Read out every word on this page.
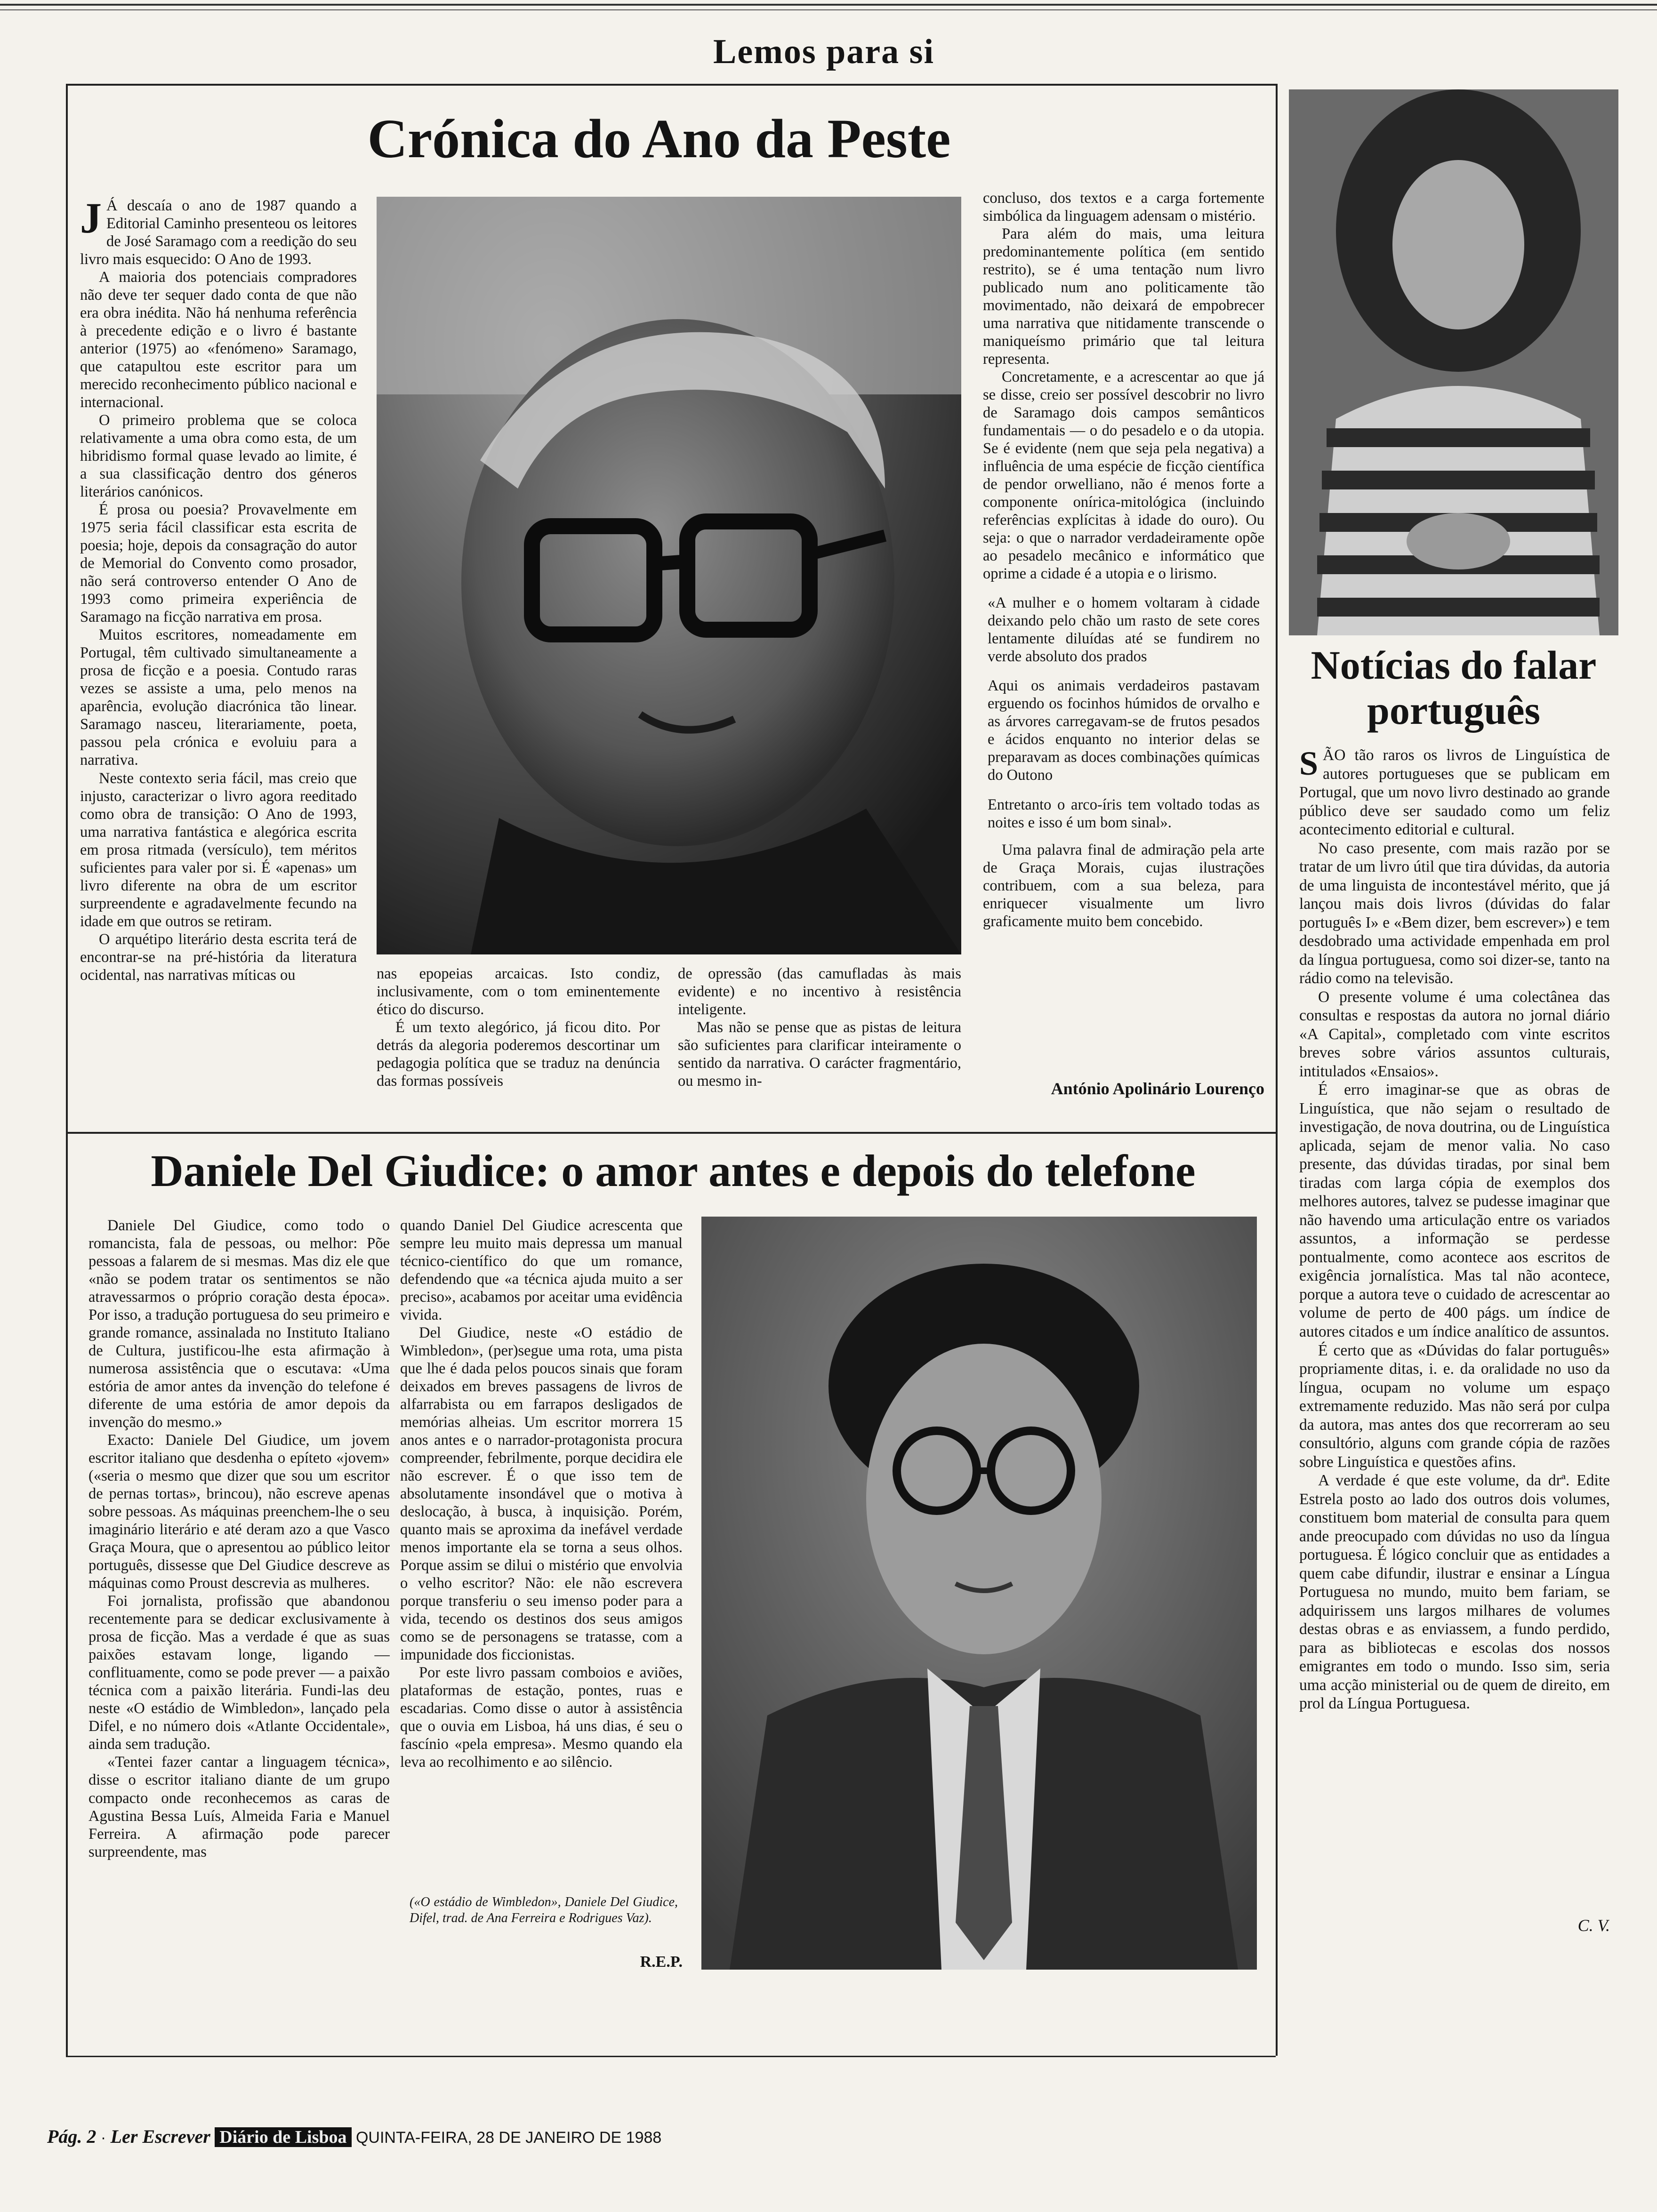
Lemos para si
Crónica do Ano da Peste

J Á descaía o ano de 1987 quando a Editorial Caminho presenteou os leitores de José Saramago com a reedição do seu livro mais esquecido: O Ano de 1993.

A maioria dos potenciais compradores não deve ter sequer dado conta de que não era obra inédita. Não há nenhuma referência à precedente edição e o livro é bastante anterior (1975) ao «fenómeno» Saramago, que catapultou este escritor para um merecido reconhecimento público nacional e internacional.

O primeiro problema que se coloca relativamente a uma obra como esta, de um hibridismo formal quase levado ao limite, é a sua classificação dentro dos géneros literários canónicos.

É prosa ou poesia? Provavelmente em 1975 seria fácil classificar esta escrita de poesia; hoje, depois da consagração do autor de Memorial do Convento como prosador, não será controverso entender O Ano de 1993 como primeira experiência de Saramago na ficção narrativa em prosa.

Muitos escritores, nomeadamente em Portugal, têm cultivado simultaneamente a prosa de ficção e a poesia. Contudo raras vezes se assiste a uma, pelo menos na aparência, evolução diacrónica tão linear. Saramago nasceu, literariamente, poeta, passou pela crónica e evoluiu para a narrativa.

Neste contexto seria fácil, mas creio que injusto, caracterizar o livro agora reeditado como obra de transição: O Ano de 1993, uma narrativa fantástica e alegórica escrita em prosa ritmada (versículo), tem méritos suficientes para valer por si. É «apenas» um livro diferente na obra de um escritor surpreendente e agradavelmente fecundo na idade em que outros se retiram.

O arquétipo literário desta escrita terá de encontrar-se na pré-história da literatura ocidental, nas narrativas míticas ou	nas epopeias arcaicas. Isto condiz, inclusivamente, com o tom eminentemente ético do discurso.

É um texto alegórico, já ficou dito. Por detrás da alegoria poderemos descortinar um pedagogia política que se traduz na denúncia das formas possíveis

de opressão (das camufladas às mais evidente) e no incentivo à resistência inteligente.

Mas não se pense que as pistas de leitura são suficientes para clarificar inteiramente o sentido da narrativa. O carácter fragmentário, ou mesmo in-

concluso, dos textos e a carga fortemente simbólica da linguagem adensam o mistério.

Para além do mais, uma leitura predominantemente política (em sentido restrito), se é uma tentação num livro publicado num ano politicamente tão movimentado, não deixará de empobrecer uma narrativa que nitidamente transcende o maniqueísmo primário que tal leitura representa.

Concretamente, e a acrescentar ao que já se disse, creio ser possível descobrir no livro de Saramago dois campos semânticos fundamentais — o do pesadelo e o da utopia. Se é evidente (nem que seja pela negativa) a influência de uma espécie de ficção científica de pendor orwelliano, não é menos forte a componente onírica-mitológica (incluindo referências explícitas à idade do ouro). Ou seja: o que o narrador verdadeiramente opõe ao pesadelo mecânico e informático que oprime a cidade é a utopia e o lirismo.

«A mulher e o homem voltaram à cidade deixando pelo chão um rasto de sete cores lentamente diluídas até se fundirem no verde absoluto dos prados

Aqui os animais verdadeiros pastavam erguendo os focinhos húmidos de orvalho e as árvores carregavam-se de frutos pesados e ácidos enquanto no interior delas se preparavam as doces combinações químicas do Outono

Entretanto o arco-íris tem voltado todas as noites e isso é um bom sinal».

Uma palavra final de admiração pela arte de Graça Morais, cujas ilustrações contribuem, com a sua beleza, para enriquecer visualmente um livro graficamente muito bem concebido.

António Apolinário Lourenço
Notícias do falar português

SÃO tão raros os livros de Linguística de autores portugueses que se publicam em Portugal, que um novo livro destinado ao grande público deve ser saudado como um feliz acontecimento editorial e cultural.

No caso presente, com mais razão por se tratar de um livro útil que tira dúvidas, da autoria de uma linguista de incontestável mérito, que já lançou mais dois livros (dúvidas do falar português I» e «Bem dizer, bem escrever») e tem desdobrado uma actividade empenhada em prol da língua portuguesa, como soi dizer-se, tanto na rádio como na televisão.

O presente volume é uma colectânea das consultas e respostas da autora no jornal diário «A Capital», completado com vinte escritos breves sobre vários assuntos culturais, intitulados «Ensaios».

É erro imaginar-se que as obras de Linguística, que não sejam o resultado de investigação, de nova doutrina, ou de Linguística aplicada, sejam de menor valia. No caso presente, das dúvidas tiradas, por sinal bem tiradas com larga cópia de exemplos dos melhores autores, talvez se pudesse imaginar que não havendo uma articulação entre os variados assuntos, a informação se perdesse pontualmente, como acontece aos escritos de exigência jornalística. Mas tal não acontece, porque a autora teve o cuidado de acrescentar ao volume de perto de 400 págs. um índice de autores citados e um índice analítico de assuntos.

É certo que as «Dúvidas do falar português» propriamente ditas, i. e. da oralidade no uso da língua, ocupam no volume um espaço extremamente reduzido. Mas não será por culpa da autora, mas antes dos que recorreram ao seu consultório, alguns com grande cópia de razões sobre Linguística e questões afins.

A verdade é que este volume, da drª. Edite Estrela posto ao lado dos outros dois volumes, constituem bom material de consulta para quem ande preocupado com dúvidas no uso da língua portuguesa. É lógico concluir que as entidades a quem cabe difundir, ilustrar e ensinar a Língua Portuguesa no mundo, muito bem fariam, se adquirissem uns largos milhares de volumes destas obras e as enviassem, a fundo perdido, para as bibliotecas e escolas dos nossos emigrantes em todo o mundo. Isso sim, seria uma acção ministerial ou de quem de direito, em prol da Língua Portuguesa.

C. V.
Daniele Del Giudice: o amor antes e depois do telefone

Daniele Del Giudice, como todo o romancista, fala de pessoas, ou melhor: Põe pessoas a falarem de si mesmas. Mas diz ele que «não se podem tratar os sentimentos se não atravessarmos o próprio coração desta época». Por isso, a tradução portuguesa do seu primeiro e grande romance, assinalada no Instituto Italiano de Cultura, justificou-lhe esta afirmação à numerosa assistência que o escutava: «Uma estória de amor antes da invenção do telefone é diferente de uma estória de amor depois da invenção do mesmo.»

Exacto: Daniele Del Giudice, um jovem escritor italiano que desdenha o epíteto «jovem» («seria o mesmo que dizer que sou um escritor de pernas tortas», brincou), não escreve apenas sobre pessoas. As máquinas preenchem-lhe o seu imaginário literário e até deram azo a que Vasco Graça Moura, que o apresentou ao público leitor português, dissesse que Del Giudice descreve as máquinas como Proust descrevia as mulheres.

Foi jornalista, profissão que abandonou recentemente para se dedicar exclusivamente à prosa de ficção. Mas a verdade é que as suas paixões estavam longe, ligando — conflituamente, como se pode prever — a paixão técnica com a paixão literária. Fundi-las deu neste «O estádio de Wimbledon», lançado pela Difel, e no número dois «Atlante Occidentale», ainda sem tradução.

«Tentei fazer cantar a linguagem técnica», disse o escritor italiano diante de um grupo compacto onde reconhecemos as caras de Agustina Bessa Luís, Almeida Faria e Manuel Ferreira. A afirmação pode parecer surpreendente, mas

quando Daniel Del Giudice acrescenta que sempre leu muito mais depressa um manual técnico-científico do que um romance, defendendo que «a técnica ajuda muito a ser preciso», acabamos por aceitar uma evidência vivida.

Del Giudice, neste «O estádio de Wimbledon», (per)segue uma rota, uma pista que lhe é dada pelos poucos sinais que foram deixados em breves passagens de livros de alfarrabista ou em farrapos desligados de memórias alheias. Um escritor morrera 15 anos antes e o narrador-protagonista procura compreender, febrilmente, porque decidira ele não escrever. É o que isso tem de absolutamente insondável que o motiva à deslocação, à busca, à inquisição. Porém, quanto mais se aproxima da inefável verdade menos importante ela se torna a seus olhos. Porque assim se dilui o mistério que envolvia o velho escritor? Não: ele não escrevera porque transferiu o seu imenso poder para a vida, tecendo os destinos dos seus amigos como se de personagens se tratasse, com a impunidade dos ficcionistas.

Por este livro passam comboios e aviões, plataformas de estação, pontes, ruas e escadarias. Como disse o autor à assistência que o ouvia em Lisboa, há uns dias, é seu o fascínio «pela empresa». Mesmo quando ela leva ao recolhimento e ao silêncio.

(«O estádio de Wimbledon», Daniele Del Giudice, Difel, trad. de Ana Ferreira e Rodrigues Vaz).
R.E.P.
Pág. 2 · Ler Escrever Diário de Lisboa QUINTA-FEIRA, 28 DE JANEIRO DE 1988
